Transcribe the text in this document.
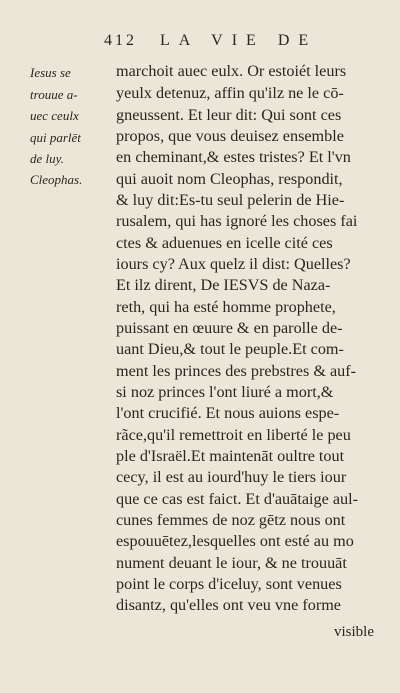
412 LA VIE DE
Iesus se
trouue a-
uec ceulx
qui parlēt
de luy.
Cleophas.
marchoit auec eulx. Or estoiét leurs
yeulx detenuz, affin qu'ilz ne le cō-
gneussent. Et leur dit: Qui sont ces
propos, que vous deuisez ensemble
en cheminant,& estes tristes? Et l'vn
qui auoit nom Cleophas, respondit,
& luy dit:Es-tu seul pelerin de Hie-
rusalem, qui has ignoré les choses fai
ctes & aduenues en icelle cité ces
iours cy? Aux quelz il dist: Quelles?
Et ilz dirent, De IESVS de Naza-
reth, qui ha esté homme prophete,
puissant en œuure & en parolle de-
uant Dieu,& tout le peuple.Et com-
ment les princes des prebstres & auf-
si noz princes l'ont liuré a mort,&
l'ont crucifié. Et nous auions espe-
rãce,qu'il remettroit en liberté le peu
ple d'Israël.Et maintenāt oultre tout
cecy, il est au iourd'huy le tiers iour
que ce cas est faict. Et d'auātaige aul-
cunes femmes de noz gētz nous ont
espouuētez,lesquelles ont esté au mo
nument deuant le iour, & ne trouuāt
point le corps d'iceluy, sont venues
disantz, qu'elles ont veu vne forme
visible
